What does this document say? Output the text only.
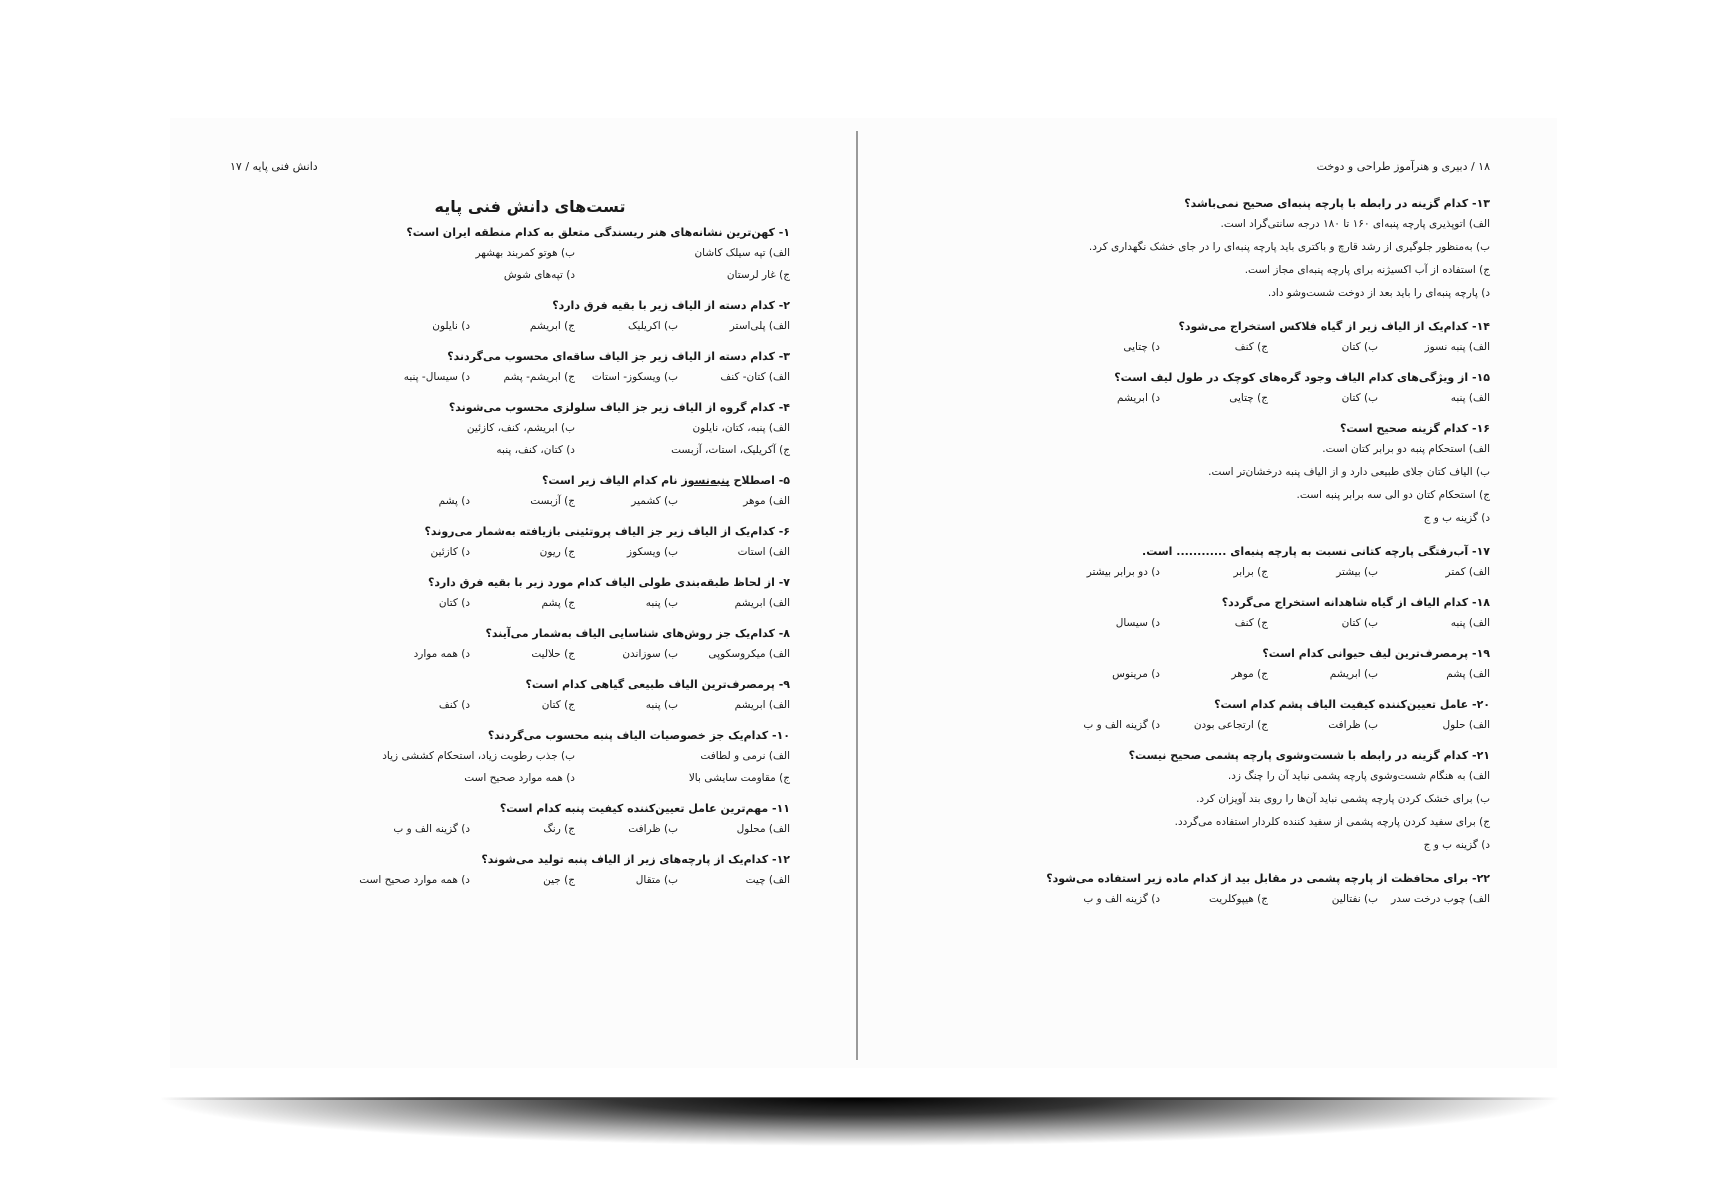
دانش فنی پایه / ۱۷
تست‌های دانش فنی پایه
۱- کهن‌ترین نشانه‌های هنر ریسندگی متعلق به کدام منطقه ایران است؟
الف) تپه سیلک کاشان
ب) هوتو کمربند بهشهر
ج) غار لرستان
د) تپه‌های شوش
۲- کدام دسته از الیاف زیر با بقیه فرق دارد؟
الف) پلی‌استر
ب) اکریلیک
ج) ابریشم
د) نایلون
۳- کدام دسته از الیاف زیر جز الیاف ساقه‌ای محسوب می‌گردند؟
الف) کتان- کنف
ب) ویسکوز- استات
ج) ابریشم- پشم
د) سیسال- پنبه
۴- کدام گروه از الیاف زیر جز الیاف سلولزی محسوب می‌شوند؟
الف) پنبه، کتان، نایلون
ب) ابریشم، کنف، کازئین
ج) آکریلیک، استات، آزبست
د) کتان، کنف، پنبه
۵- اصطلاح پنبه‌نسوز نام کدام الیاف زیر است؟
الف) موهر
ب) کشمیر
ج) آزبست
د) پشم
۶- کدام‌یک از الیاف زیر جز الیاف پروتئینی بازیافته به‌شمار می‌روند؟
الف) استات
ب) ویسکوز
ج) ریون
د) کازئین
۷- از لحاظ طبقه‌بندی طولی الیاف کدام مورد زیر با بقیه فرق دارد؟
الف) ابریشم
ب) پنبه
ج) پشم
د) کتان
۸- کدام‌یک جز روش‌های شناسایی الیاف به‌شمار می‌آیند؟
الف) میکروسکوپی
ب) سوزاندن
ج) حلالیت
د) همه موارد
۹- پرمصرف‌ترین الیاف طبیعی گیاهی کدام است؟
الف) ابریشم
ب) پنبه
ج) کتان
د) کنف
۱۰- کدام‌یک جز خصوصیات الیاف پنبه محسوب می‌گردند؟
الف) نرمی و لطافت
ب) جذب رطوبت زیاد، استحکام کششی زیاد
ج) مقاومت سایشی بالا
د) همه موارد صحیح است
۱۱- مهم‌ترین عامل تعیین‌کننده کیفیت پنبه کدام است؟
الف) محلول
ب) ظرافت
ج) رنگ
د) گزینه الف و ب
۱۲- کدام‌یک از پارچه‌های زیر از الیاف پنبه تولید می‌شوند؟
الف) چیت
ب) متقال
ج) جین
د) همه موارد صحیح است
۱۸ / دبیری و هنرآموز طراحی و دوخت
۱۳- کدام گزینه در رابطه با پارچه پنبه‌ای صحیح نمی‌باشد؟
الف) اتوپذیری پارچه پنبه‌ای ۱۶۰ تا ۱۸۰ درجه سانتی‌گراد است.
ب) به‌منظور جلوگیری از رشد قارچ و باکتری باید پارچه پنبه‌ای را در جای خشک نگهداری کرد.
ج) استفاده از آب اکسیژنه برای پارچه پنبه‌ای مجاز است.
د) پارچه پنبه‌ای را باید بعد از دوخت شست‌وشو داد.
۱۴- کدام‌یک از الیاف زیر از گیاه فلاکس استخراج می‌شود؟
الف) پنبه نسوز
ب) کتان
ج) کنف
د) چتایی
۱۵- از ویژگی‌های کدام الیاف وجود گره‌های کوچک در طول لیف است؟
الف) پنبه
ب) کتان
ج) چتایی
د) ابریشم
۱۶- کدام گزینه صحیح است؟
الف) استحکام پنبه دو برابر کتان است.
ب) الیاف کتان جلای طبیعی دارد و از الیاف پنبه درخشان‌تر است.
ج) استحکام کتان دو الی سه برابر پنبه است.
د) گزینه ب و ج
۱۷- آب‌رفتگی پارچه کتانی نسبت به پارچه پنبه‌ای ............ است.
الف) کمتر
ب) بیشتر
ج) برابر
د) دو برابر بیشتر
۱۸- کدام الیاف از گیاه شاهدانه استخراج می‌گردد؟
الف) پنبه
ب) کتان
ج) کنف
د) سیسال
۱۹- پرمصرف‌ترین لیف حیوانی کدام است؟
الف) پشم
ب) ابریشم
ج) موهر
د) مرینوس
۲۰- عامل تعیین‌کننده کیفیت الیاف پشم کدام است؟
الف) حلول
ب) ظرافت
ج) ارتجاعی بودن
د) گزینه الف و ب
۲۱- کدام گزینه در رابطه با شست‌وشوی پارچه پشمی صحیح نیست؟
الف) به هنگام شست‌وشوی پارچه پشمی نباید آن را چنگ زد.
ب) برای خشک کردن پارچه پشمی نباید آن‌ها را روی بند آویزان کرد.
ج) برای سفید کردن پارچه پشمی از سفید کننده کلردار استفاده می‌گردد.
د) گزینه ب و ج
۲۲- برای محافظت از پارچه پشمی در مقابل بید از کدام ماده زیر استفاده می‌شود؟
الف) چوب درخت سدر
ب) نفتالین
ج) هیپوکلریت
د) گزینه الف و ب
